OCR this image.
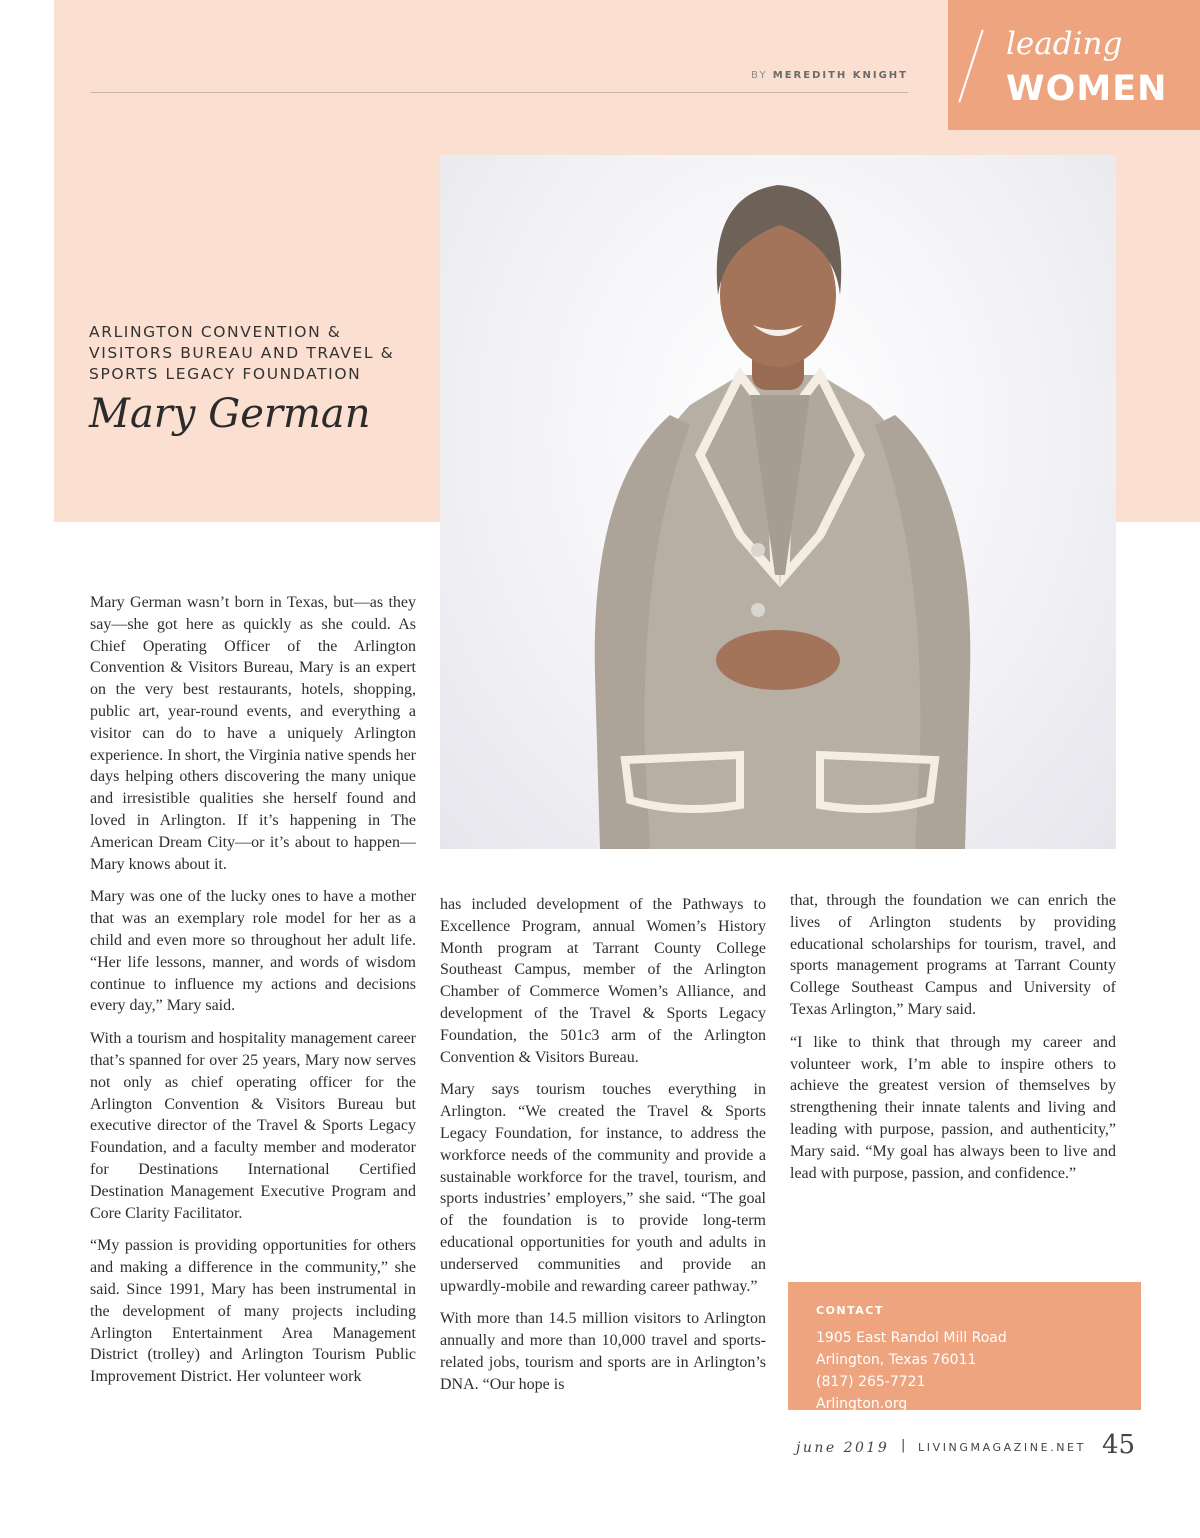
BY MEREDITH KNIGHT
leading
WOMEN
ARLINGTON CONVENTION & VISITORS BUREAU AND TRAVEL & SPORTS LEGACY FOUNDATION
Mary German

Mary German wasn’t born in Texas, but—as they say—she got here as quickly as she could. As Chief Operating Officer of the Arlington Convention & Visitors Bureau, Mary is an expert on the very best restaurants, hotels, shopping, public art, year-round events, and everything a visitor can do to have a uniquely Arlington experience. In short, the Virginia native spends her days helping others discovering the many unique and irresistible qualities she herself found and loved in Arlington. If it’s happening in The American Dream City—or it’s about to happen—Mary knows about it.

Mary was one of the lucky ones to have a mother that was an exemplary role model for her as a child and even more so throughout her adult life. “Her life lessons, manner, and words of wisdom continue to influence my actions and decisions every day,” Mary said.

With a tourism and hospitality management career that’s spanned for over 25 years, Mary now serves not only as chief operating officer for the Arlington Convention & Visitors Bureau but executive director of the Travel & Sports Legacy Foundation, and a faculty member and moderator for Destinations International Certified Destination Management Executive Program and Core Clarity Facilitator.

“My passion is providing opportunities for others and making a difference in the community,” she said. Since 1991, Mary has been instrumental in the development of many projects including Arlington Entertainment Area Management District (trolley) and Arlington Tourism Public Improvement District. Her volunteer work

has included development of the Pathways to Excellence Program, annual Women’s History Month program at Tarrant County College Southeast Campus, member of the Arlington Chamber of Commerce Women’s Alliance, and development of the Travel & Sports Legacy Foundation, the 501c3 arm of the Arlington Convention & Visitors Bureau.

Mary says tourism touches everything in Arlington. “We created the Travel & Sports Legacy Foundation, for instance, to address the workforce needs of the community and provide a sustainable workforce for the travel, tourism, and sports industries’ employers,” she said. “The goal of the foundation is to provide long-term educational opportunities for youth and adults in underserved communities and provide an upwardly-mobile and rewarding career pathway.”

With more than 14.5 million visitors to Arlington annually and more than 10,000 travel and sports-related jobs, tourism and sports are in Arlington’s DNA. “Our hope is

that, through the foundation we can enrich the lives of Arlington students by providing educational scholarships for tourism, travel, and sports management programs at Tarrant County College Southeast Campus and University of Texas Arlington,” Mary said.

“I like to think that through my career and volunteer work, I’m able to inspire others to achieve the greatest version of themselves by strengthening their innate talents and living and leading with purpose, passion, and authenticity,” Mary said. “My goal has always been to live and lead with purpose, passion, and confidence.”

CONTACT
1905 East Randol Mill Road
Arlington, Texas 76011
(817) 265-7721
Arlington.org
june 2019 | LIVINGMAGAZINE.NET 45
